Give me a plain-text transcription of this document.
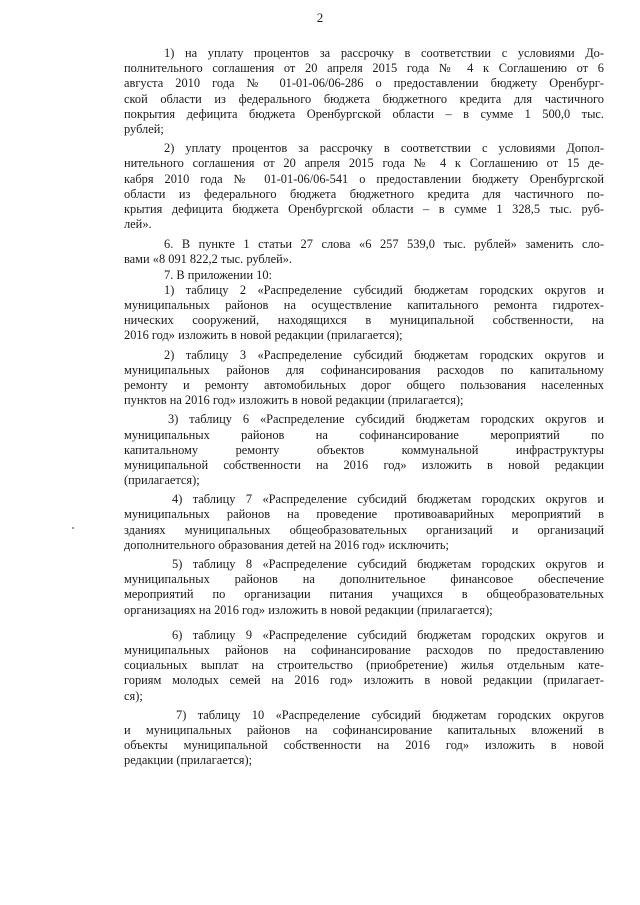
2
1) на уплату процентов за рассрочку в соответствии с условиями До-
полнительного соглашения от 20 апреля 2015 года № 4 к Соглашению от 6
августа 2010 года № 01-01-06/06-286 о предоставлении бюджету Оренбург-
ской области из федерального бюджета бюджетного кредита для частичного
покрытия дефицита бюджета Оренбургской области – в сумме 1 500,0 тыс.
рублей;
2) уплату процентов за рассрочку в соответствии с условиями Допол-
нительного соглашения от 20 апреля 2015 года № 4 к Соглашению от 15 де-
кабря 2010 года № 01-01-06/06-541 о предоставлении бюджету Оренбургской
области из федерального бюджета бюджетного кредита для частичного по-
крытия дефицита бюджета Оренбургской области – в сумме 1 328,5 тыс. руб-
лей».
6. В пункте 1 статьи 27 слова «6 257 539,0 тыс. рублей» заменить сло-
вами «8 091 822,2 тыс. рублей».
7. В приложении 10:
1) таблицу 2 «Распределение субсидий бюджетам городских округов и
муниципальных районов на осуществление капитального ремонта гидротех-
нических сооружений, находящихся в муниципальной собственности, на
2016 год» изложить в новой редакции (прилагается);
2) таблицу 3 «Распределение субсидий бюджетам городских округов и
муниципальных районов для софинансирования расходов по капитальному
ремонту и ремонту автомобильных дорог общего пользования населенных
пунктов на 2016 год» изложить в новой редакции (прилагается);
3) таблицу 6 «Распределение субсидий бюджетам городских округов и
муниципальных районов на софинансирование мероприятий по
капитальному ремонту объектов коммунальной инфраструктуры
муниципальной собственности на 2016 год» изложить в новой редакции
(прилагается);
4) таблицу 7 «Распределение субсидий бюджетам городских округов и
муниципальных районов на проведение противоаварийных мероприятий в
зданиях муниципальных общеобразовательных организаций и организаций
дополнительного образования детей на 2016 год» исключить;
5) таблицу 8 «Распределение субсидий бюджетам городских округов и
муниципальных районов на дополнительное финансовое обеспечение
мероприятий по организации питания учащихся в общеобразовательных
организациях на 2016 год» изложить в новой редакции (прилагается);
6) таблицу 9 «Распределение субсидий бюджетам городских округов и
муниципальных районов на софинансирование расходов по предоставлению
социальных выплат на строительство (приобретение) жилья отдельным кате-
гориям молодых семей на 2016 год» изложить в новой редакции (прилагает-
ся);
7) таблицу 10 «Распределение субсидий бюджетам городских округов
и муниципальных районов на софинансирование капитальных вложений в
объекты муниципальной собственности на 2016 год» изложить в новой
редакции (прилагается);
